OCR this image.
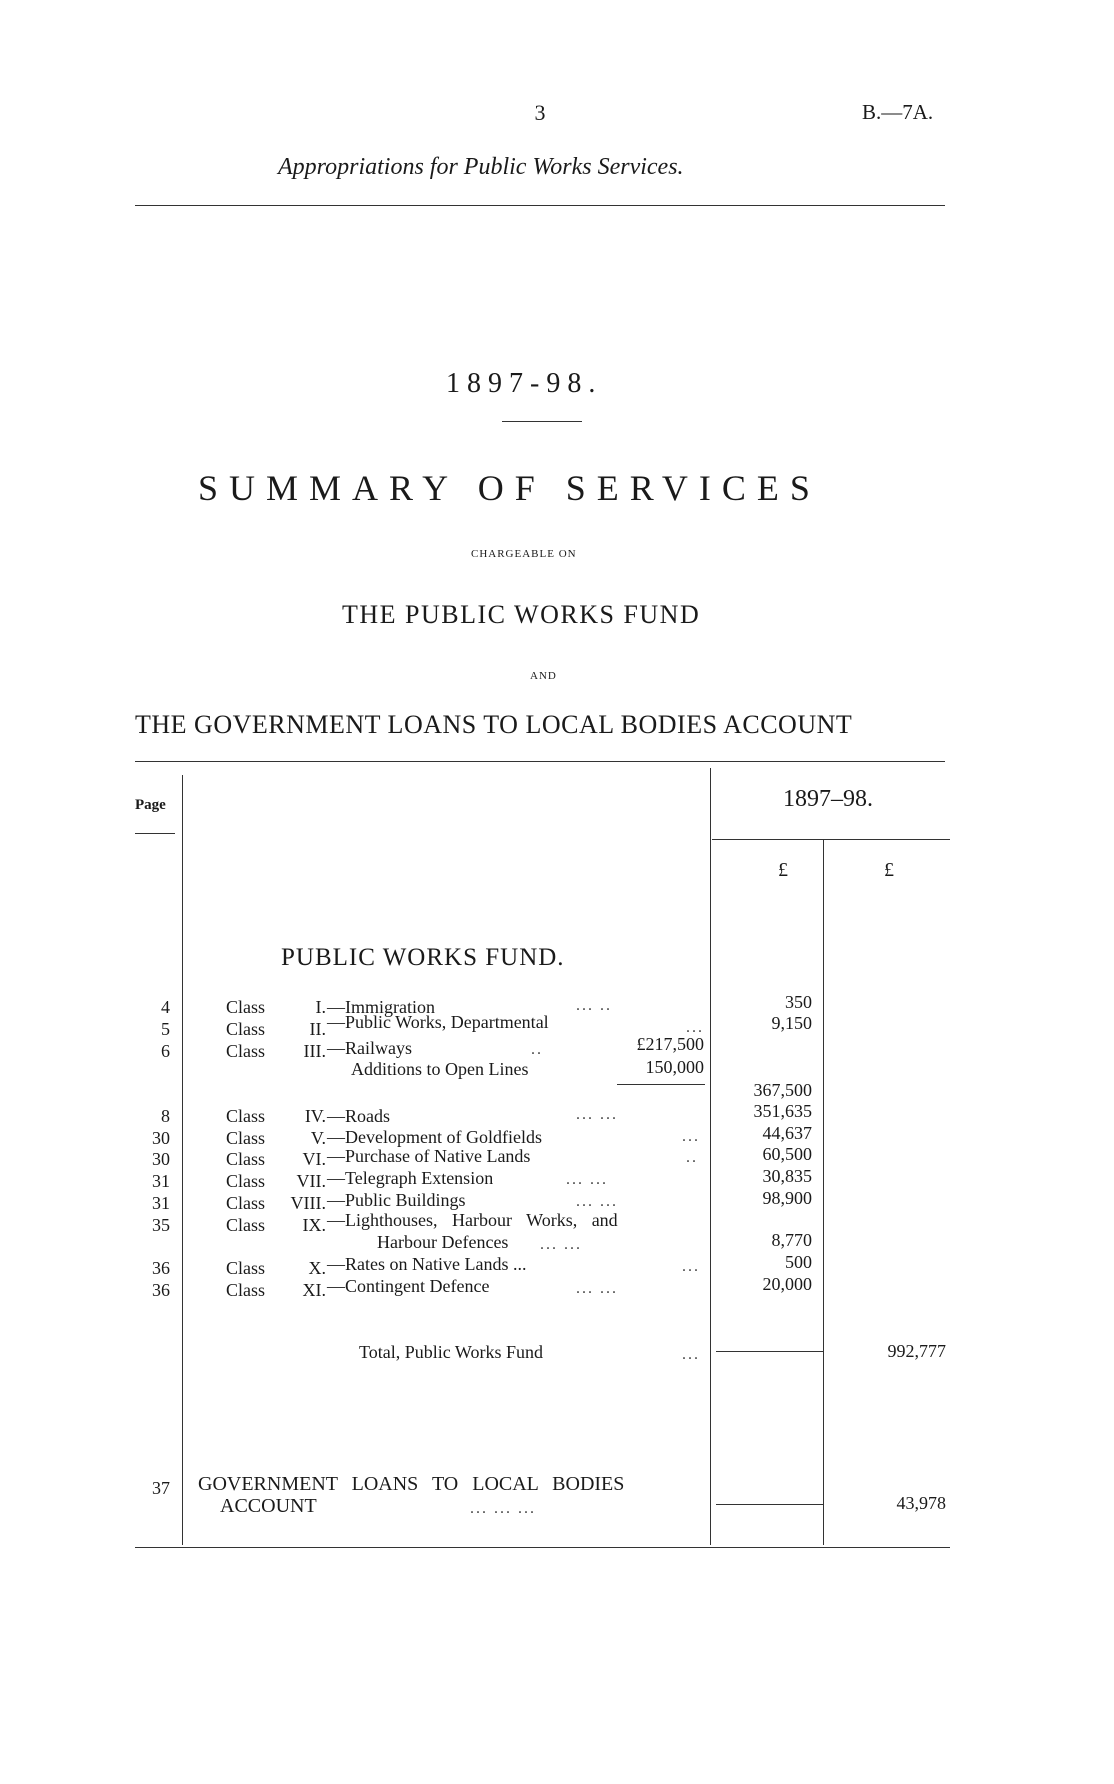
3	B.—7A.
Appropriations for Public Works Services.
1897-98.
SUMMARY OF SERVICES
CHARGEABLE ON
THE PUBLIC WORKS FUND
AND
THE GOVERNMENT LOANS TO LOCAL BODIES ACCOUNT
Page	1897–98.
£	£
PUBLIC WORKS FUND.
4	Class	I. —Immigration	... ..	350
5	Class	II. —Public Works, Departmental	...	9,150
6	Class	III. —Railways	..	£217,500
Additions to Open Lines	150,000
367,500
8	Class	IV. —Roads	... ...	351,635
30	Class	V. —Development of Goldfields	...	44,637
30	Class	VI. —Purchase of Native Lands	..	60,500
31	Class	VII. —Telegraph Extension	... ...	30,835
31	Class	VIII. —Public Buildings	... ...	98,900
35	Class	IX. —Lighthouses, Harbour Works, and
Harbour Defences ... ...	8,770
36	Class	X. —Rates on Native Lands ...	...	500
36	Class	XI. —Contingent Defence	... ...	20,000
Total, Public Works Fund	...	992,777
37 GOVERNMENT LOANS TO LOCAL BODIES
ACCOUNT	... ... ...	43,978
